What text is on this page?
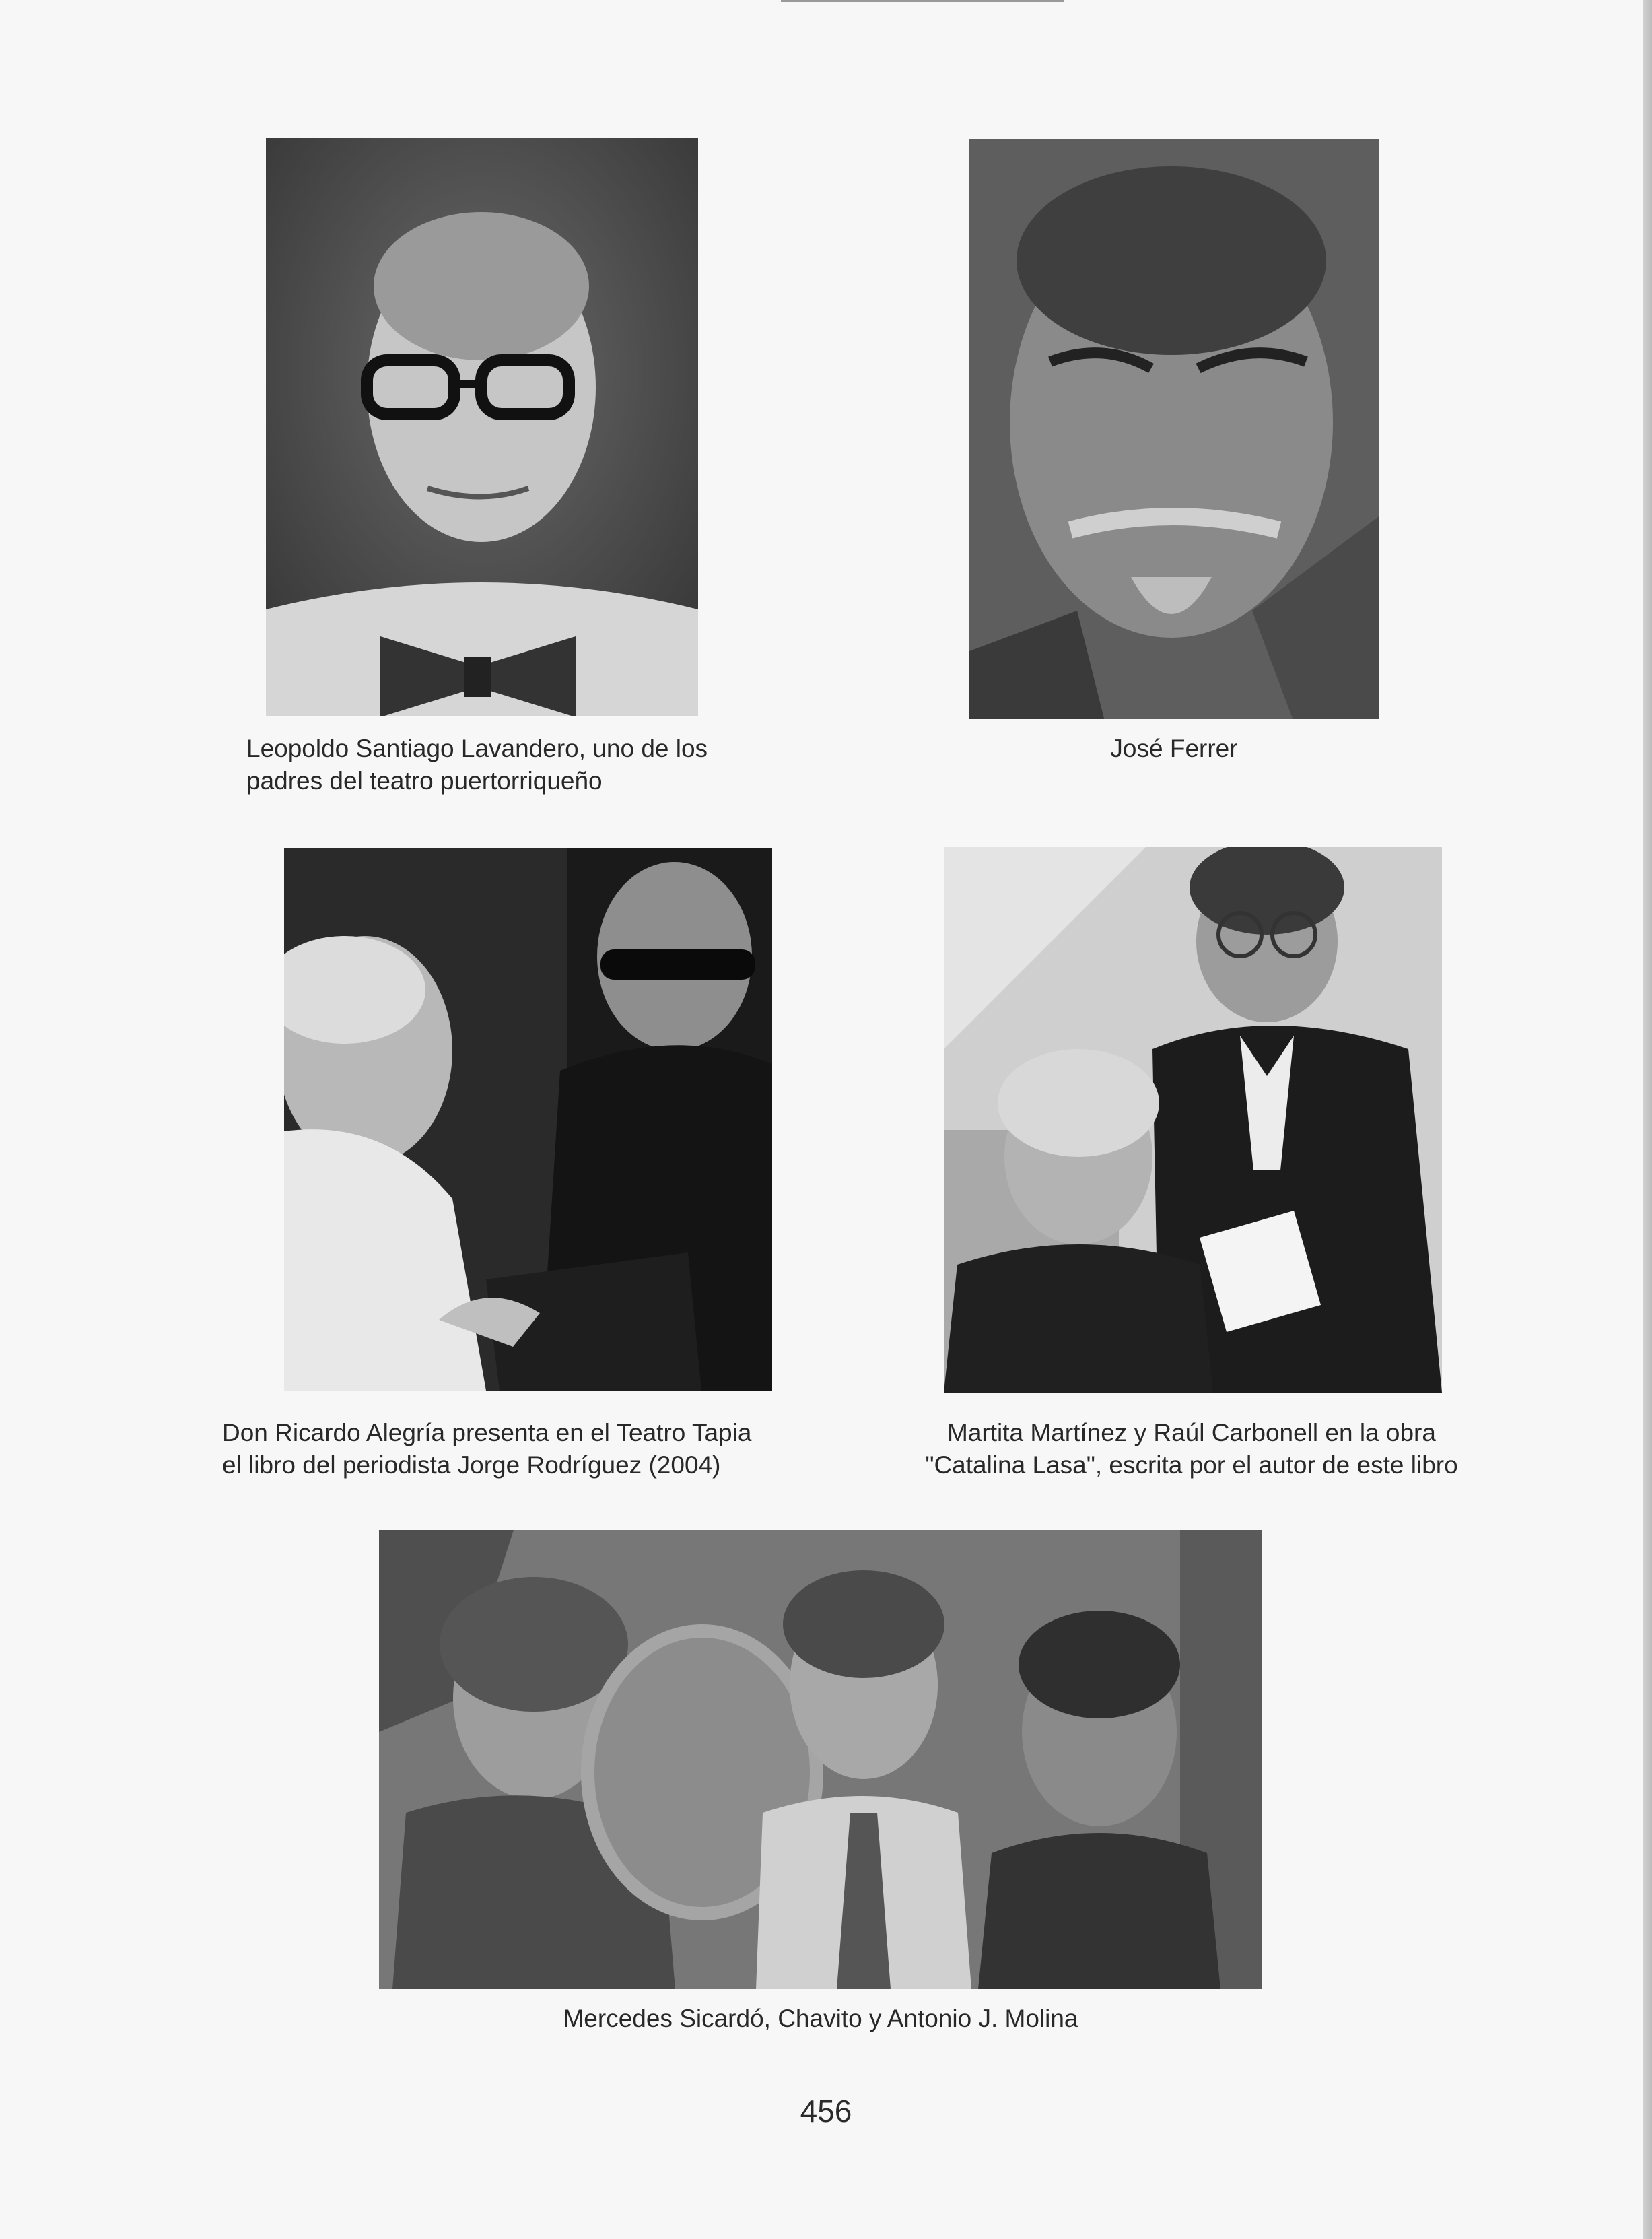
Leopoldo Santiago Lavandero, uno de los
padres del teatro puertorriqueño
José Ferrer
Don Ricardo Alegría presenta en el Teatro Tapia
el libro del periodista Jorge Rodríguez (2004)
Martita Martínez y Raúl Carbonell en la obra
"Catalina Lasa", escrita por el autor de este libro
Mercedes Sicardó, Chavito y Antonio J. Molina
456
